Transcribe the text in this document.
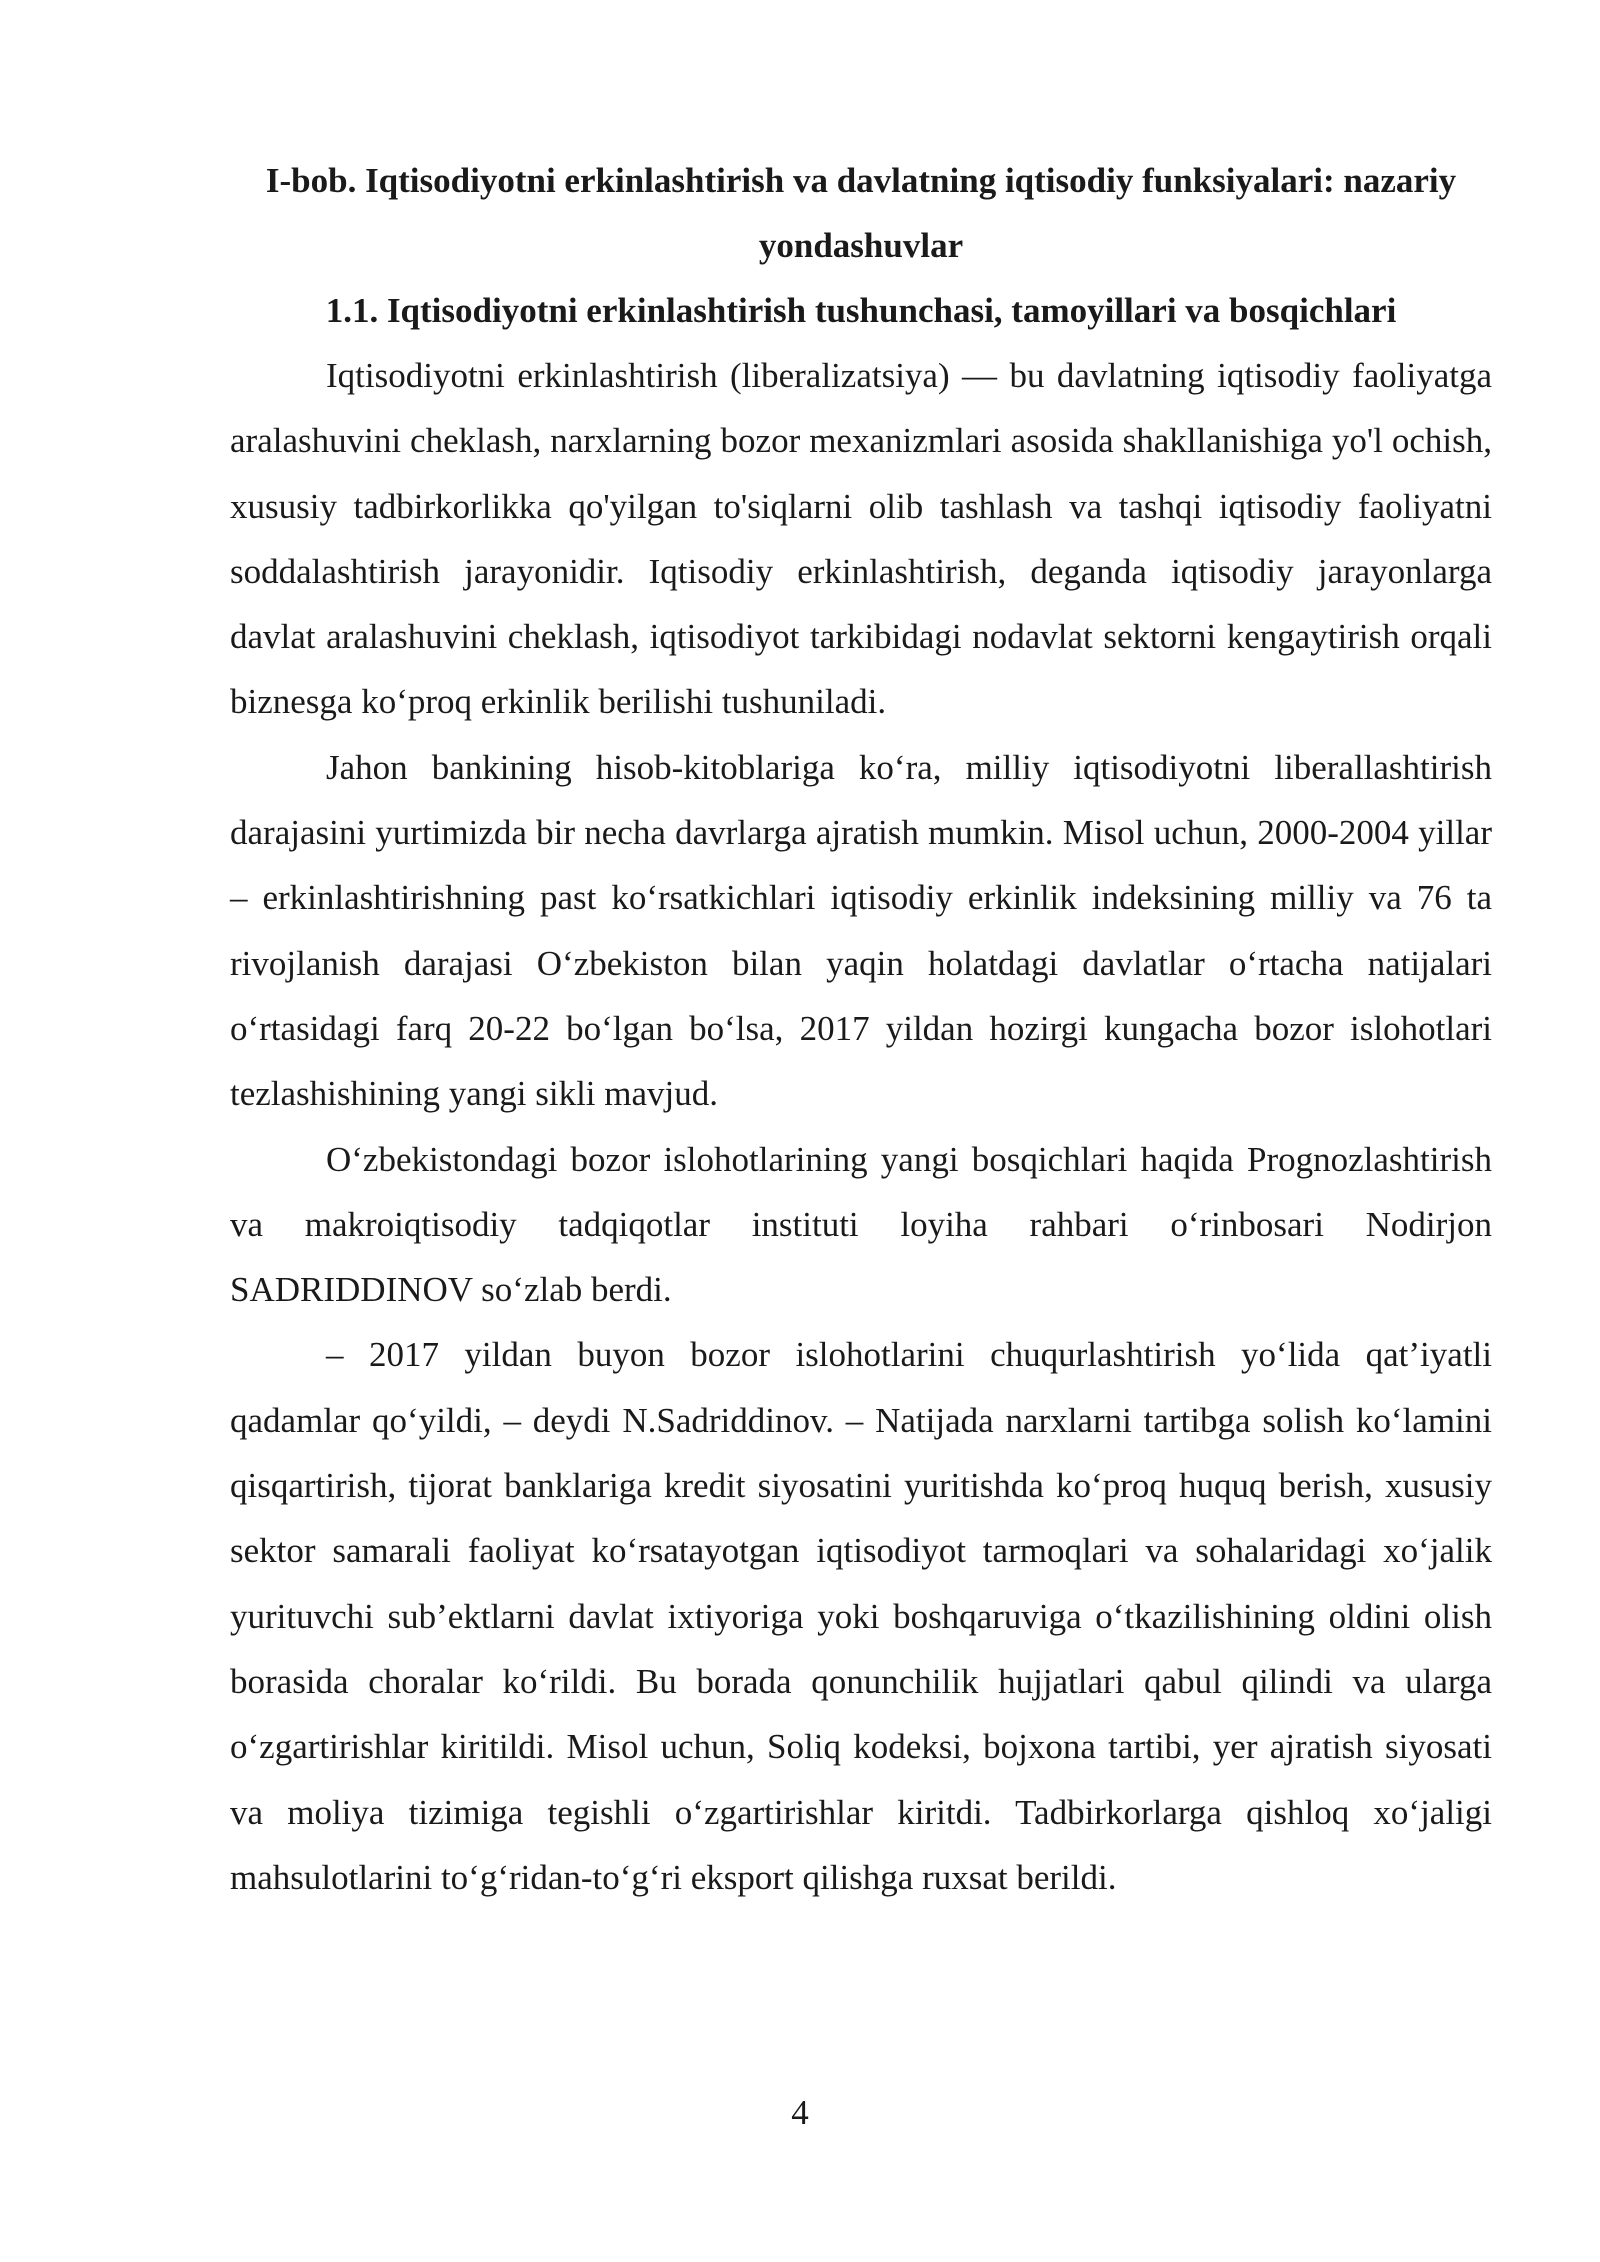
I-bob. Iqtisodiyotni erkinlashtirish va davlatning iqtisodiy funksiyalari: nazariy yondashuvlar
1.1. Iqtisodiyotni erkinlashtirish tushunchasi, tamoyillari va bosqichlari

Iqtisodiyotni erkinlashtirish (liberalizatsiya) — bu davlatning iqtisodiy faoliyatga aralashuvini cheklash, narxlarning bozor mexanizmlari asosida shakllanishiga yo'l ochish, xususiy tadbirkorlikka qo'yilgan to'siqlarni olib tashlash va tashqi iqtisodiy faoliyatni soddalashtirish jarayonidir. Iqtisodiy erkinlashtirish, deganda iqtisodiy jarayonlarga davlat aralashuvini cheklash, iqtisodiyot tarkibidagi nodavlat sektorni kengaytirish orqali biznesga ko‘proq erkinlik berilishi tushuniladi.

Jahon bankining hisob-kitoblariga ko‘ra, milliy iqtisodiyotni liberallashtirish darajasini yurtimizda bir necha davrlarga ajratish mumkin. Misol uchun, 2000-2004 yillar – erkinlashtirishning past ko‘rsatkichlari iqtisodiy erkinlik indeksining milliy va 76 ta rivojlanish darajasi O‘zbekiston bilan yaqin holatdagi davlatlar o‘rtacha natijalari o‘rtasidagi farq 20-22 bo‘lgan bo‘lsa, 2017 yildan hozirgi kungacha bozor islohotlari tezlashishining yangi sikli mavjud.

O‘zbekistondagi bozor islohotlarining yangi bosqichlari haqida Prognozlashtirish va makroiqtisodiy tadqiqotlar instituti loyiha rahbari o‘rinbosari Nodirjon SADRIDDINOV so‘zlab berdi.

– 2017 yildan buyon bozor islohotlarini chuqurlashtirish yo‘lida qat’iyatli qadamlar qo‘yildi, – deydi N.Sadriddinov. – Natijada narxlarni tartibga solish ko‘lamini qisqartirish, tijorat banklariga kredit siyosatini yuritishda ko‘proq huquq berish, xususiy sektor samarali faoliyat ko‘rsatayotgan iqtisodiyot tarmoqlari va sohalaridagi xo‘jalik yurituvchi sub’ektlarni davlat ixtiyoriga yoki boshqaruviga o‘tkazilishining oldini olish borasida choralar ko‘rildi. Bu borada qonunchilik hujjatlari qabul qilindi va ularga o‘zgartirishlar kiritildi. Misol uchun, Soliq kodeksi, bojxona tartibi, yer ajratish siyosati va moliya tizimiga tegishli o‘zgartirishlar kiritdi. Tadbirkorlarga qishloq xo‘jaligi mahsulotlarini to‘g‘ridan-to‘g‘ri eksport qilishga ruxsat berildi.

4
